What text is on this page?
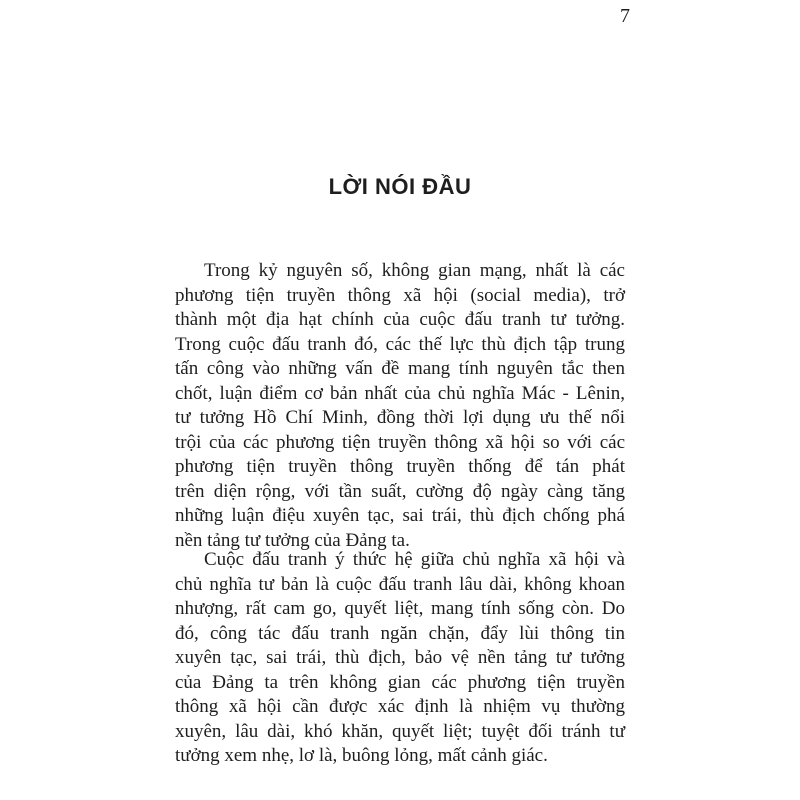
7
LỜI NÓI ĐẦU
Trong kỷ nguyên số, không gian mạng, nhất là các
phương tiện truyền thông xã hội (social media), trở
thành một địa hạt chính của cuộc đấu tranh tư tưởng.
Trong cuộc đấu tranh đó, các thế lực thù địch tập trung
tấn công vào những vấn đề mang tính nguyên tắc then
chốt, luận điểm cơ bản nhất của chủ nghĩa Mác - Lênin,
tư tưởng Hồ Chí Minh, đồng thời lợi dụng ưu thế nổi
trội của các phương tiện truyền thông xã hội so với các
phương tiện truyền thông truyền thống để tán phát
trên diện rộng, với tần suất, cường độ ngày càng tăng
những luận điệu xuyên tạc, sai trái, thù địch chống phá
nền tảng tư tưởng của Đảng ta.
Cuộc đấu tranh ý thức hệ giữa chủ nghĩa xã hội và
chủ nghĩa tư bản là cuộc đấu tranh lâu dài, không khoan
nhượng, rất cam go, quyết liệt, mang tính sống còn. Do
đó, công tác đấu tranh ngăn chặn, đẩy lùi thông tin
xuyên tạc, sai trái, thù địch, bảo vệ nền tảng tư tưởng
của Đảng ta trên không gian các phương tiện truyền
thông xã hội cần được xác định là nhiệm vụ thường
xuyên, lâu dài, khó khăn, quyết liệt; tuyệt đối tránh tư
tưởng xem nhẹ, lơ là, buông lỏng, mất cảnh giác.
